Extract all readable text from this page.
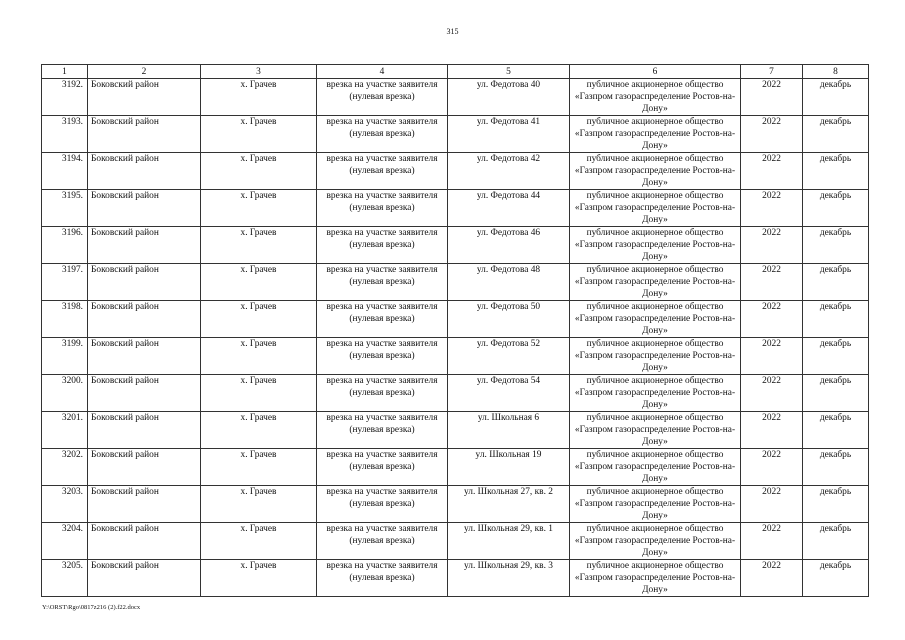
315
1	2	3	4	5	6	7	8
3192.	Боковский район	х. Грачев	врезка на участке заявителя (нулевая врезка)	ул. Федотова 40	публичное акционерное общество «Газпром газораспределение Ростов-на-Дону»	2022	декабрь
3193.	Боковский район	х. Грачев	врезка на участке заявителя (нулевая врезка)	ул. Федотова 41	публичное акционерное общество «Газпром газораспределение Ростов-на-Дону»	2022	декабрь
3194.	Боковский район	х. Грачев	врезка на участке заявителя (нулевая врезка)	ул. Федотова 42	публичное акционерное общество «Газпром газораспределение Ростов-на-Дону»	2022	декабрь
3195.	Боковский район	х. Грачев	врезка на участке заявителя (нулевая врезка)	ул. Федотова 44	публичное акционерное общество «Газпром газораспределение Ростов-на-Дону»	2022	декабрь
3196.	Боковский район	х. Грачев	врезка на участке заявителя (нулевая врезка)	ул. Федотова 46	публичное акционерное общество «Газпром газораспределение Ростов-на-Дону»	2022	декабрь
3197.	Боковский район	х. Грачев	врезка на участке заявителя (нулевая врезка)	ул. Федотова 48	публичное акционерное общество «Газпром газораспределение Ростов-на-Дону»	2022	декабрь
3198.	Боковский район	х. Грачев	врезка на участке заявителя (нулевая врезка)	ул. Федотова 50	публичное акционерное общество «Газпром газораспределение Ростов-на-Дону»	2022	декабрь
3199.	Боковский район	х. Грачев	врезка на участке заявителя (нулевая врезка)	ул. Федотова 52	публичное акционерное общество «Газпром газораспределение Ростов-на-Дону»	2022	декабрь
3200.	Боковский район	х. Грачев	врезка на участке заявителя (нулевая врезка)	ул. Федотова 54	публичное акционерное общество «Газпром газораспределение Ростов-на-Дону»	2022	декабрь
3201.	Боковский район	х. Грачев	врезка на участке заявителя (нулевая врезка)	ул. Школьная 6	публичное акционерное общество «Газпром газораспределение Ростов-на-Дону»	2022	декабрь
3202.	Боковский район	х. Грачев	врезка на участке заявителя (нулевая врезка)	ул. Школьная 19	публичное акционерное общество «Газпром газораспределение Ростов-на-Дону»	2022	декабрь
3203.	Боковский район	х. Грачев	врезка на участке заявителя (нулевая врезка)	ул. Школьная 27, кв. 2	публичное акционерное общество «Газпром газораспределение Ростов-на-Дону»	2022	декабрь
3204.	Боковский район	х. Грачев	врезка на участке заявителя (нулевая врезка)	ул. Школьная 29, кв. 1	публичное акционерное общество «Газпром газораспределение Ростов-на-Дону»	2022	декабрь
3205.	Боковский район	х. Грачев	врезка на участке заявителя (нулевая врезка)	ул. Школьная 29, кв. 3	публичное акционерное общество «Газпром газораспределение Ростов-на-Дону»	2022	декабрь
Y:\ORST\Rgo\0817z216 (2).f22.docx
